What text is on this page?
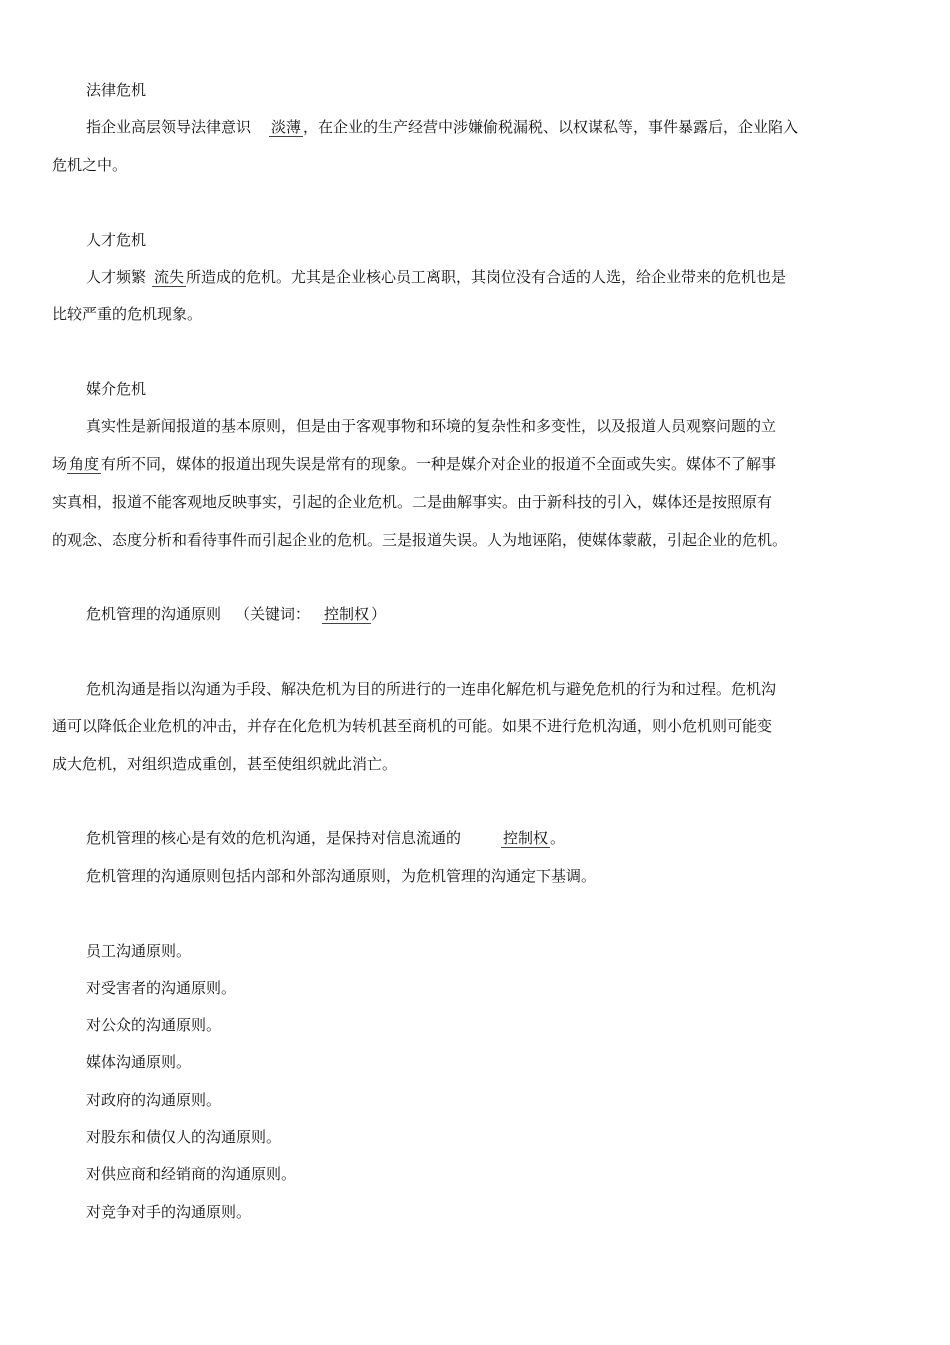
法律危机
指企业高层领导法律意识 淡薄 ，在企业的生产经营中涉嫌偷税漏税、以权谋私等，事件暴露后，企业陷入
危机之中。
人才危机
人才频繁 流失 所造成的危机。尤其是企业核心员工离职，其岗位没有合适的人选，给企业带来的危机也是
比较严重的危机现象。
媒介危机
真实性是新闻报道的基本原则，但是由于客观事物和环境的复杂性和多变性，以及报道人员观察问题的立
场 角度 有所不同，媒体的报道出现失误是常有的现象。一种是媒介对企业的报道不全面或失实。媒体不了解事
实真相，报道不能客观地反映事实，引起的企业危机。二是曲解事实。由于新科技的引入，媒体还是按照原有
的观念、态度分析和看待事件而引起企业的危机。三是报道失误。人为地诬陷，使媒体蒙蔽，引起企业的危机。
危机管理的沟通原则 （关键词： 控制权 ）
危机沟通是指以沟通为手段、解决危机为目的所进行的一连串化解危机与避免危机的行为和过程。危机沟
通可以降低企业危机的冲击，并存在化危机为转机甚至商机的可能。如果不进行危机沟通，则小危机则可能变
成大危机，对组织造成重创，甚至使组织就此消亡。
危机管理的核心是有效的危机沟通，是保持对信息流通的	控制权 。
危机管理的沟通原则包括内部和外部沟通原则，为危机管理的沟通定下基调。
员工沟通原则。
对受害者的沟通原则。
对公众的沟通原则。
媒体沟通原则。
对政府的沟通原则。
对股东和债仅人的沟通原则。
对供应商和经销商的沟通原则。
对竞争对手的沟通原则。
